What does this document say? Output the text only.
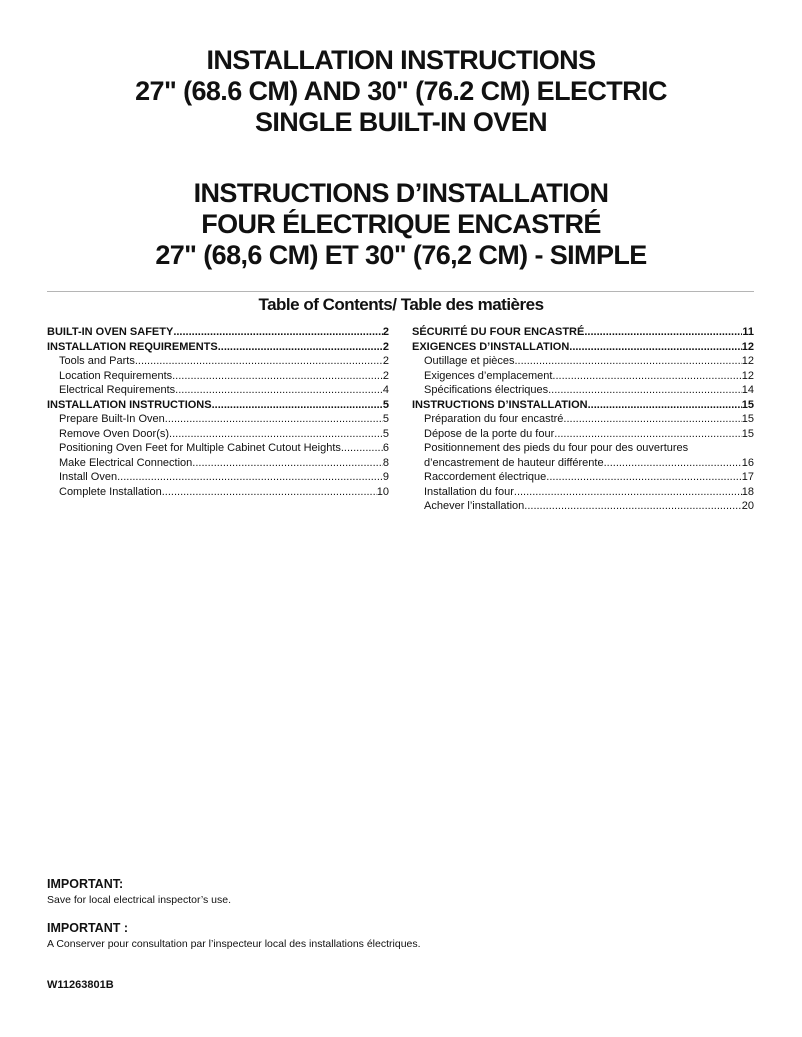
INSTALLATION INSTRUCTIONS
27" (68.6 CM) AND 30" (76.2 CM) ELECTRIC
SINGLE BUILT-IN OVEN
INSTRUCTIONS D’INSTALLATION
FOUR ÉLECTRIQUE ENCASTRÉ
27" (68,6 CM) ET 30" (76,2 CM) - SIMPLE
Table of Contents/ Table des matières
BUILT-IN OVEN SAFETY .....	2
INSTALLATION REQUIREMENTS .....	2
Tools and Parts .....	2
Location Requirements .....	2
Electrical Requirements .....	4
INSTALLATION INSTRUCTIONS .....	5
Prepare Built-In Oven .....	5
Remove Oven Door(s) .....	5
Positioning Oven Feet for Multiple Cabinet Cutout Heights .....	6
Make Electrical Connection .....	8
Install Oven .....	9
Complete Installation .....	10
SÉCURITÉ DU FOUR ENCASTRÉ .....	11
EXIGENCES D’INSTALLATION .....	12
Outillage et pièces .....	12
Exigences d’emplacement .....	12
Spécifications électriques .....	14
INSTRUCTIONS D’INSTALLATION .....	15
Préparation du four encastré .....	15
Dépose de la porte du four .....	15
Positionnement des pieds du four pour des ouvertures
d’encastrement de hauteur différente .....	16
Raccordement électrique .....	17
Installation du four .....	18
Achever l’installation .....	20
IMPORTANT:
Save for local electrical inspector’s use.
IMPORTANT :
A Conserver pour consultation par l’inspecteur local des installations électriques.
W11263801B
